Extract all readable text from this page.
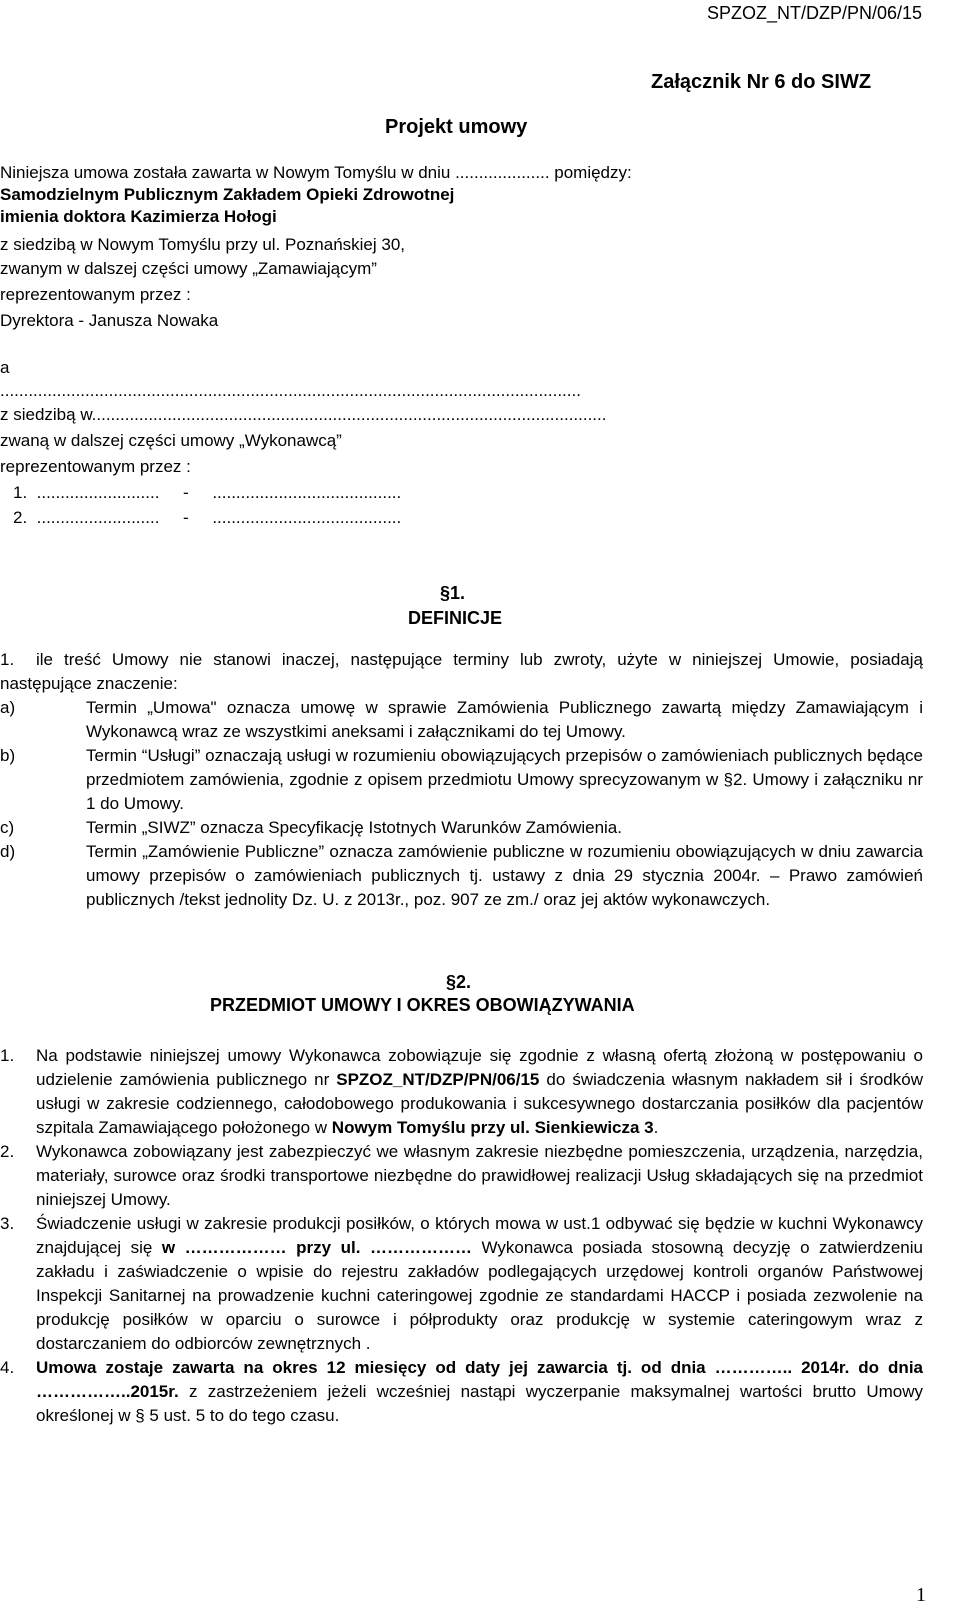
SPZOZ_NT/DZP/PN/06/15
Załącznik Nr 6 do SIWZ
Projekt umowy
Niniejsza umowa została zawarta w Nowym Tomyślu w dniu .................... pomiędzy:
Samodzielnym Publicznym Zakładem Opieki Zdrowotnej
imienia doktora Kazimierza Hołogi
z siedzibą w Nowym Tomyślu przy ul. Poznańskiej 30,
zwanym w dalszej części umowy „Zamawiającym”
reprezentowanym przez :
Dyrektora - Janusza Nowaka
a
...........................................................................................................................
z siedzibą w.............................................................................................................
zwaną w dalszej części umowy „Wykonawcą”
reprezentowanym przez :
1.  ..........................     -     ........................................
2.  ..........................     -     ........................................
§1.
DEFINICJE
1.	ile treść Umowy nie stanowi inaczej, następujące terminy lub zwroty, użyte w niniejszej Umowie, posiadają następujące znaczenie:
a)	Termin „Umowa" oznacza umowę w sprawie Zamówienia Publicznego zawartą między Zamawiającym i Wykonawcą wraz ze wszystkimi aneksami i załącznikami do tej Umowy.
b)	Termin “Usługi” oznaczają usługi w rozumieniu obowiązujących przepisów o zamówieniach publicznych będące przedmiotem zamówienia, zgodnie z opisem przedmiotu Umowy sprecyzowanym w §2. Umowy i załączniku nr 1 do Umowy.
c)	Termin „SIWZ” oznacza Specyfikację Istotnych Warunków Zamówienia.
d)	Termin „Zamówienie Publiczne” oznacza zamówienie publiczne w rozumieniu obowiązujących w dniu zawarcia umowy przepisów o zamówieniach publicznych tj. ustawy z dnia 29 stycznia 2004r. – Prawo zamówień publicznych /tekst jednolity Dz. U. z 2013r., poz. 907 ze zm./ oraz jej aktów wykonawczych.
§2.
PRZEDMIOT UMOWY I OKRES OBOWIĄZYWANIA
1. Na podstawie niniejszej umowy Wykonawca zobowiązuje się zgodnie z własną ofertą złożoną w postępowaniu o udzielenie zamówienia publicznego nr SPZOZ_NT/DZP/PN/06/15 do świadczenia własnym nakładem sił i środków usługi w zakresie codziennego, całodobowego produkowania i sukcesywnego dostarczania posiłków dla pacjentów szpitala Zamawiającego położonego w Nowym Tomyślu przy ul. Sienkiewicza 3.
2. Wykonawca zobowiązany jest zabezpieczyć we własnym zakresie niezbędne pomieszczenia, urządzenia, narzędzia, materiały, surowce oraz środki transportowe niezbędne do prawidłowej realizacji Usług składających się na przedmiot niniejszej Umowy.
3. Świadczenie usługi w zakresie produkcji posiłków, o których mowa w ust.1 odbywać się będzie w kuchni Wykonawcy znajdującej się w ……………… przy ul. ……………… Wykonawca posiada stosowną decyzję o zatwierdzeniu zakładu i zaświadczenie o wpisie do rejestru zakładów podlegających urzędowej kontroli organów Państwowej Inspekcji Sanitarnej na prowadzenie kuchni cateringowej zgodnie ze standardami HACCP i posiada zezwolenie na produkcję posiłków w oparciu o surowce i półprodukty oraz produkcję w systemie cateringowym wraz z dostarczaniem do odbiorców zewnętrznych .
4. Umowa zostaje zawarta na okres 12 miesięcy od daty jej zawarcia tj. od dnia ………….. 2014r. do dnia ……………..2015r. z zastrzeżeniem jeżeli wcześniej nastąpi wyczerpanie maksymalnej wartości brutto Umowy określonej w § 5 ust. 5 to do tego czasu.
1
